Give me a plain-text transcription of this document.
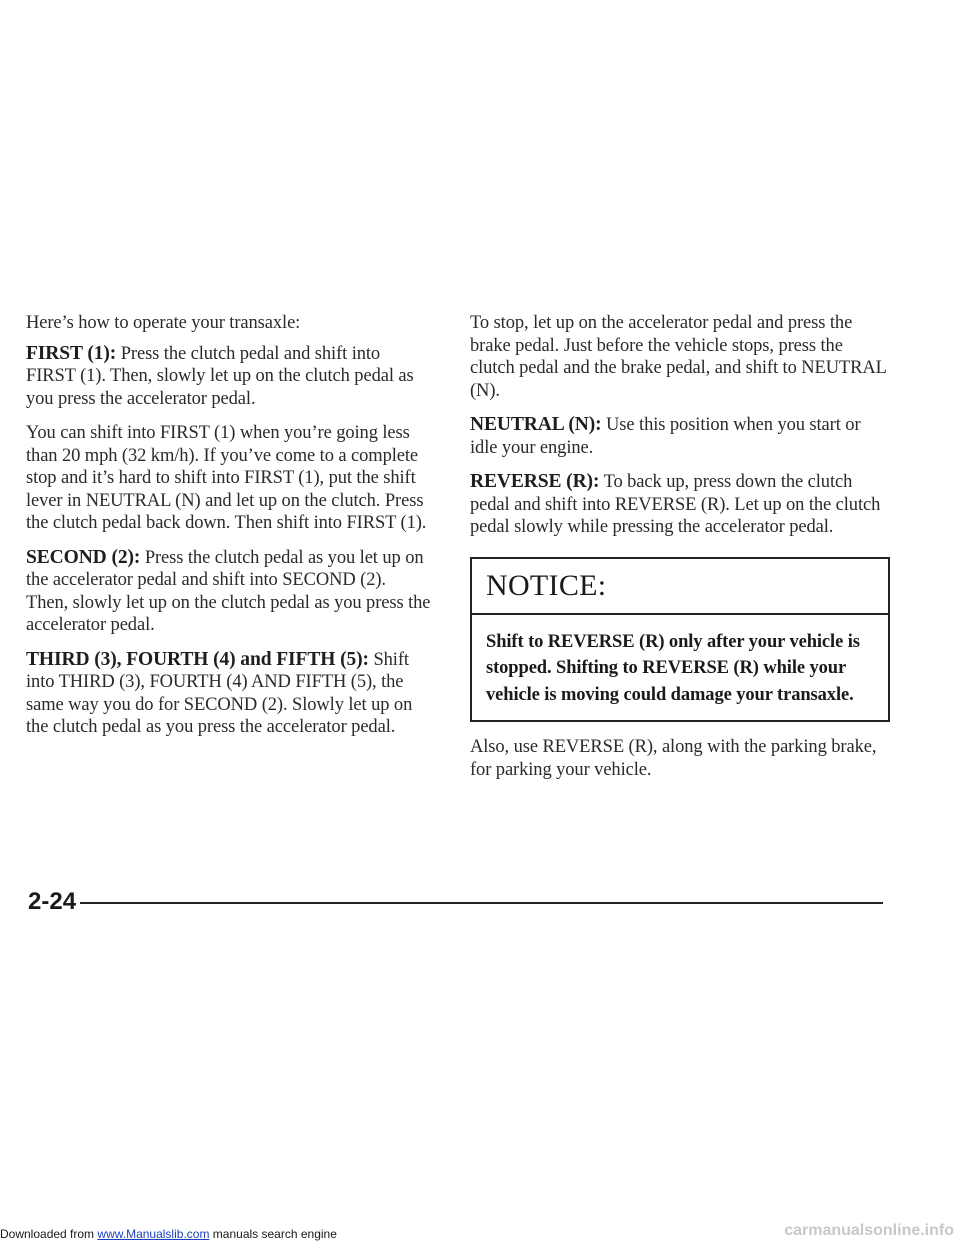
Here’s how to operate your transaxle:

FIRST (1): Press the clutch pedal and shift into FIRST (1). Then, slowly let up on the clutch pedal as you press the accelerator pedal.

You can shift into FIRST (1) when you’re going less than 20 mph (32 km/h). If you’ve come to a complete stop and it’s hard to shift into FIRST (1), put the shift lever in NEUTRAL (N) and let up on the clutch. Press the clutch pedal back down. Then shift into FIRST (1).

SECOND (2): Press the clutch pedal as you let up on the accelerator pedal and shift into SECOND (2). Then, slowly let up on the clutch pedal as you press the accelerator pedal.

THIRD (3), FOURTH (4) and FIFTH (5): Shift into THIRD (3), FOURTH (4) AND FIFTH (5), the same way you do for SECOND (2). Slowly let up on the clutch pedal as you press the accelerator pedal.

To stop, let up on the accelerator pedal and press the brake pedal. Just before the vehicle stops, press the clutch pedal and the brake pedal, and shift to NEUTRAL (N).

NEUTRAL (N): Use this position when you start or idle your engine.

REVERSE (R): To back up, press down the clutch pedal and shift into REVERSE (R). Let up on the clutch pedal slowly while pressing the accelerator pedal.

NOTICE:
Shift to REVERSE (R) only after your vehicle is stopped. Shifting to REVERSE (R) while your vehicle is moving could damage your transaxle.

Also, use REVERSE (R), along with the parking brake, for parking your vehicle.

2-24
Downloaded from www.Manualslib.com manuals search engine	carmanualsonline.info
